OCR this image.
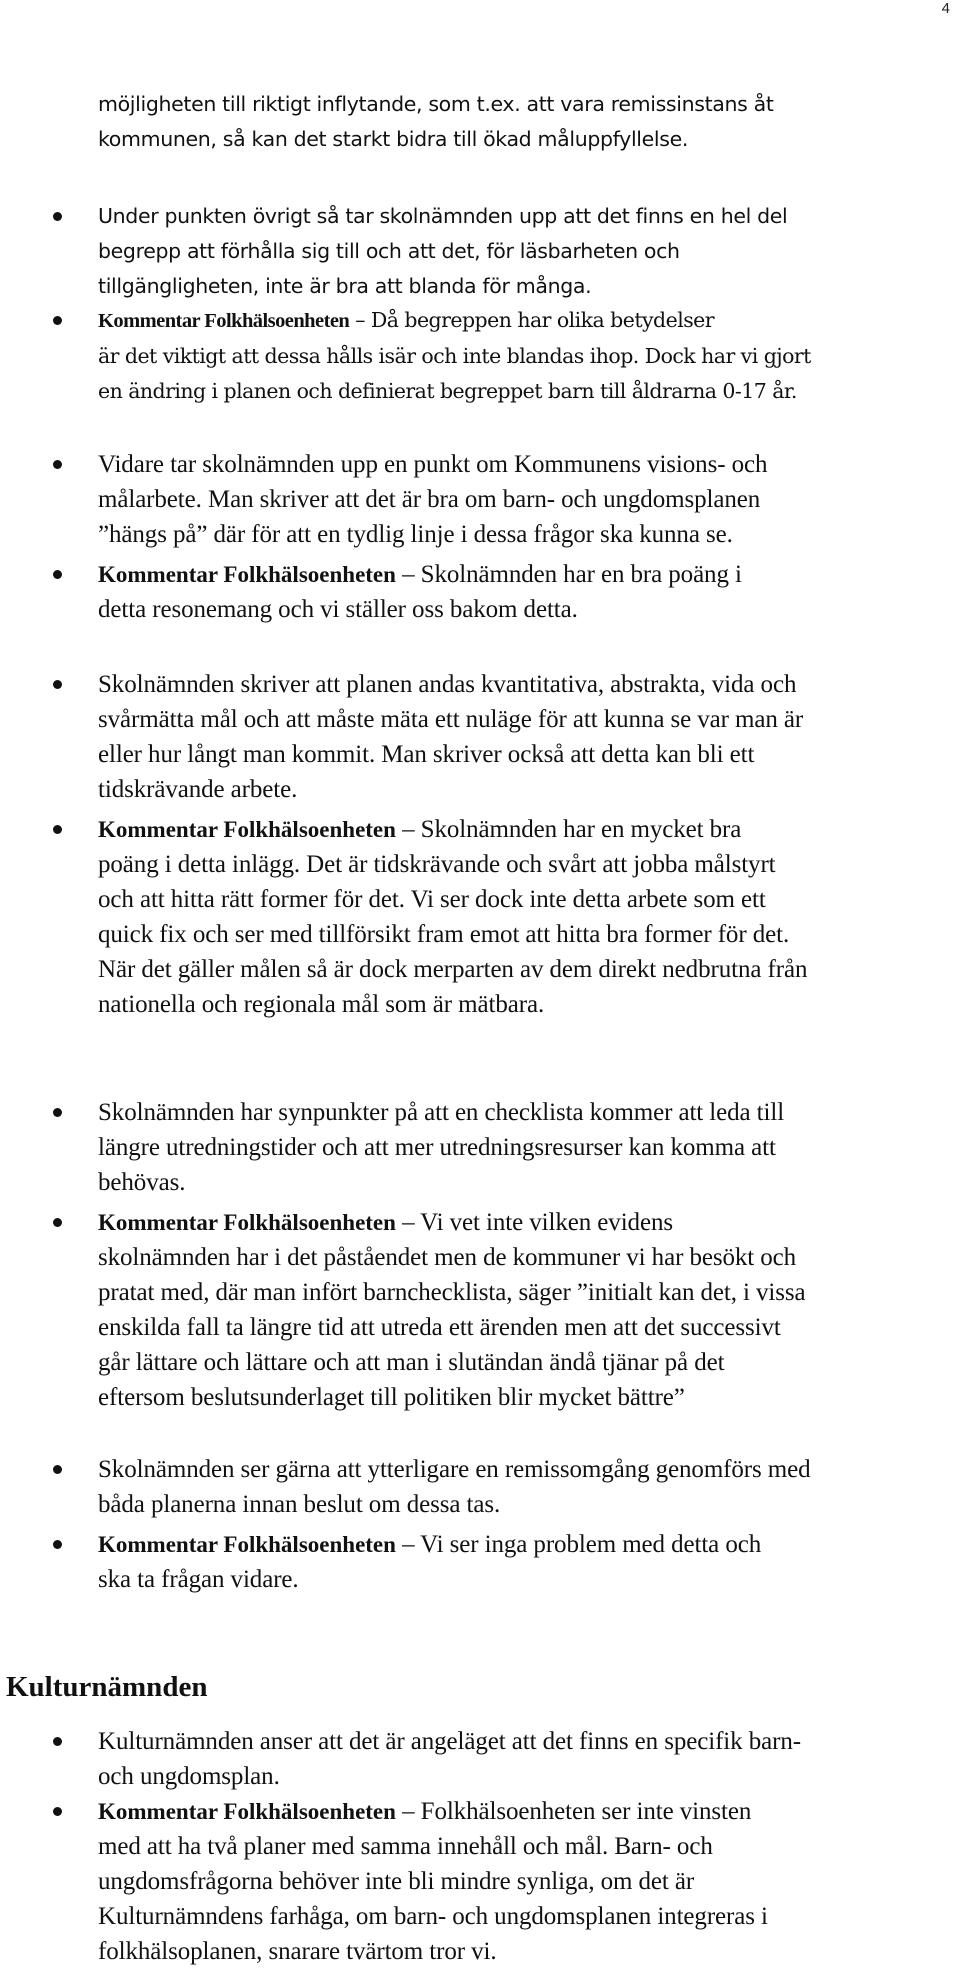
4
möjligheten till riktigt inflytande, som t.ex. att vara remissinstans åt
kommunen, så kan det starkt bidra till ökad måluppfyllelse.
Under punkten övrigt så tar skolnämnden upp att det finns en hel del
begrepp att förhålla sig till och att det, för läsbarheten och
tillgängligheten, inte är bra att blanda för många.
Kommentar Folkhälsoenheten – Då begreppen har olika betydelser
är det viktigt att dessa hålls isär och inte blandas ihop. Dock har vi gjort
en ändring i planen och definierat begreppet barn till åldrarna 0-17 år.
Vidare tar skolnämnden upp en punkt om Kommunens visions- och
målarbete. Man skriver att det är bra om barn- och ungdomsplanen
”hängs på” där för att en tydlig linje i dessa frågor ska kunna se.
Kommentar Folkhälsoenheten – Skolnämnden har en bra poäng i
detta resonemang och vi ställer oss bakom detta.
Skolnämnden skriver att planen andas kvantitativa, abstrakta, vida och
svårmätta mål och att måste mäta ett nuläge för att kunna se var man är
eller hur långt man kommit. Man skriver också att detta kan bli ett
tidskrävande arbete.
Kommentar Folkhälsoenheten – Skolnämnden har en mycket bra
poäng i detta inlägg. Det är tidskrävande och svårt att jobba målstyrt
och att hitta rätt former för det. Vi ser dock inte detta arbete som ett
quick fix och ser med tillförsikt fram emot att hitta bra former för det.
När det gäller målen så är dock merparten av dem direkt nedbrutna från
nationella och regionala mål som är mätbara.
Skolnämnden har synpunkter på att en checklista kommer att leda till
längre utredningstider och att mer utredningsresurser kan komma att
behövas.
Kommentar Folkhälsoenheten – Vi vet inte vilken evidens
skolnämnden har i det påståendet men de kommuner vi har besökt och
pratat med, där man infört barnchecklista, säger ”initialt kan det, i vissa
enskilda fall ta längre tid att utreda ett ärenden men att det successivt
går lättare och lättare och att man i slutändan ändå tjänar på det
eftersom beslutsunderlaget till politiken blir mycket bättre”
Skolnämnden ser gärna att ytterligare en remissomgång genomförs med
båda planerna innan beslut om dessa tas.
Kommentar Folkhälsoenheten – Vi ser inga problem med detta och
ska ta frågan vidare.
Kulturnämnden
Kulturnämnden anser att det är angeläget att det finns en specifik barn-
och ungdomsplan.
Kommentar Folkhälsoenheten – Folkhälsoenheten ser inte vinsten
med att ha två planer med samma innehåll och mål. Barn- och
ungdomsfrågorna behöver inte bli mindre synliga, om det är
Kulturnämndens farhåga, om barn- och ungdomsplanen integreras i
folkhälsoplanen, snarare tvärtom tror vi.
